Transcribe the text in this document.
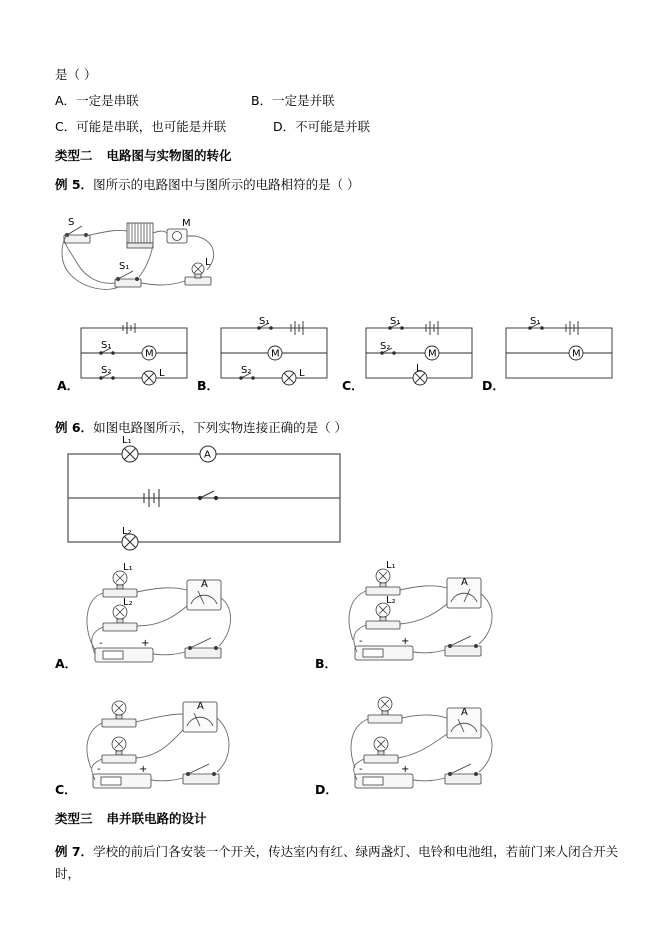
是（ ）
A．一定是串联	B．一定是并联
C．可能是串联，也可能是并联	D．不可能是并联
类型二 电路图与实物图的转化
例 5．图所示的电路图中与图所示的电路相符的是（ ）
S	M
L
S₁
S₁
M
S₂	L
A．
S₁
M
S₂	L
B．
S₁
S₂
M
L
C．
S₁
M
D．
例 6．如图电路图所示，下列实物连接正确的是（ ）
L₁
A
L₂
L₁
L₂
A
+
-
A．
L₁
L₂
A
+
-
B．
A
+
-
C．
A
+
-
D．
类型三 串并联电路的设计
例 7．学校的前后门各安装一个开关，传达室内有红、绿两盏灯、电铃和电池组，若前门来人闭合开关时，
